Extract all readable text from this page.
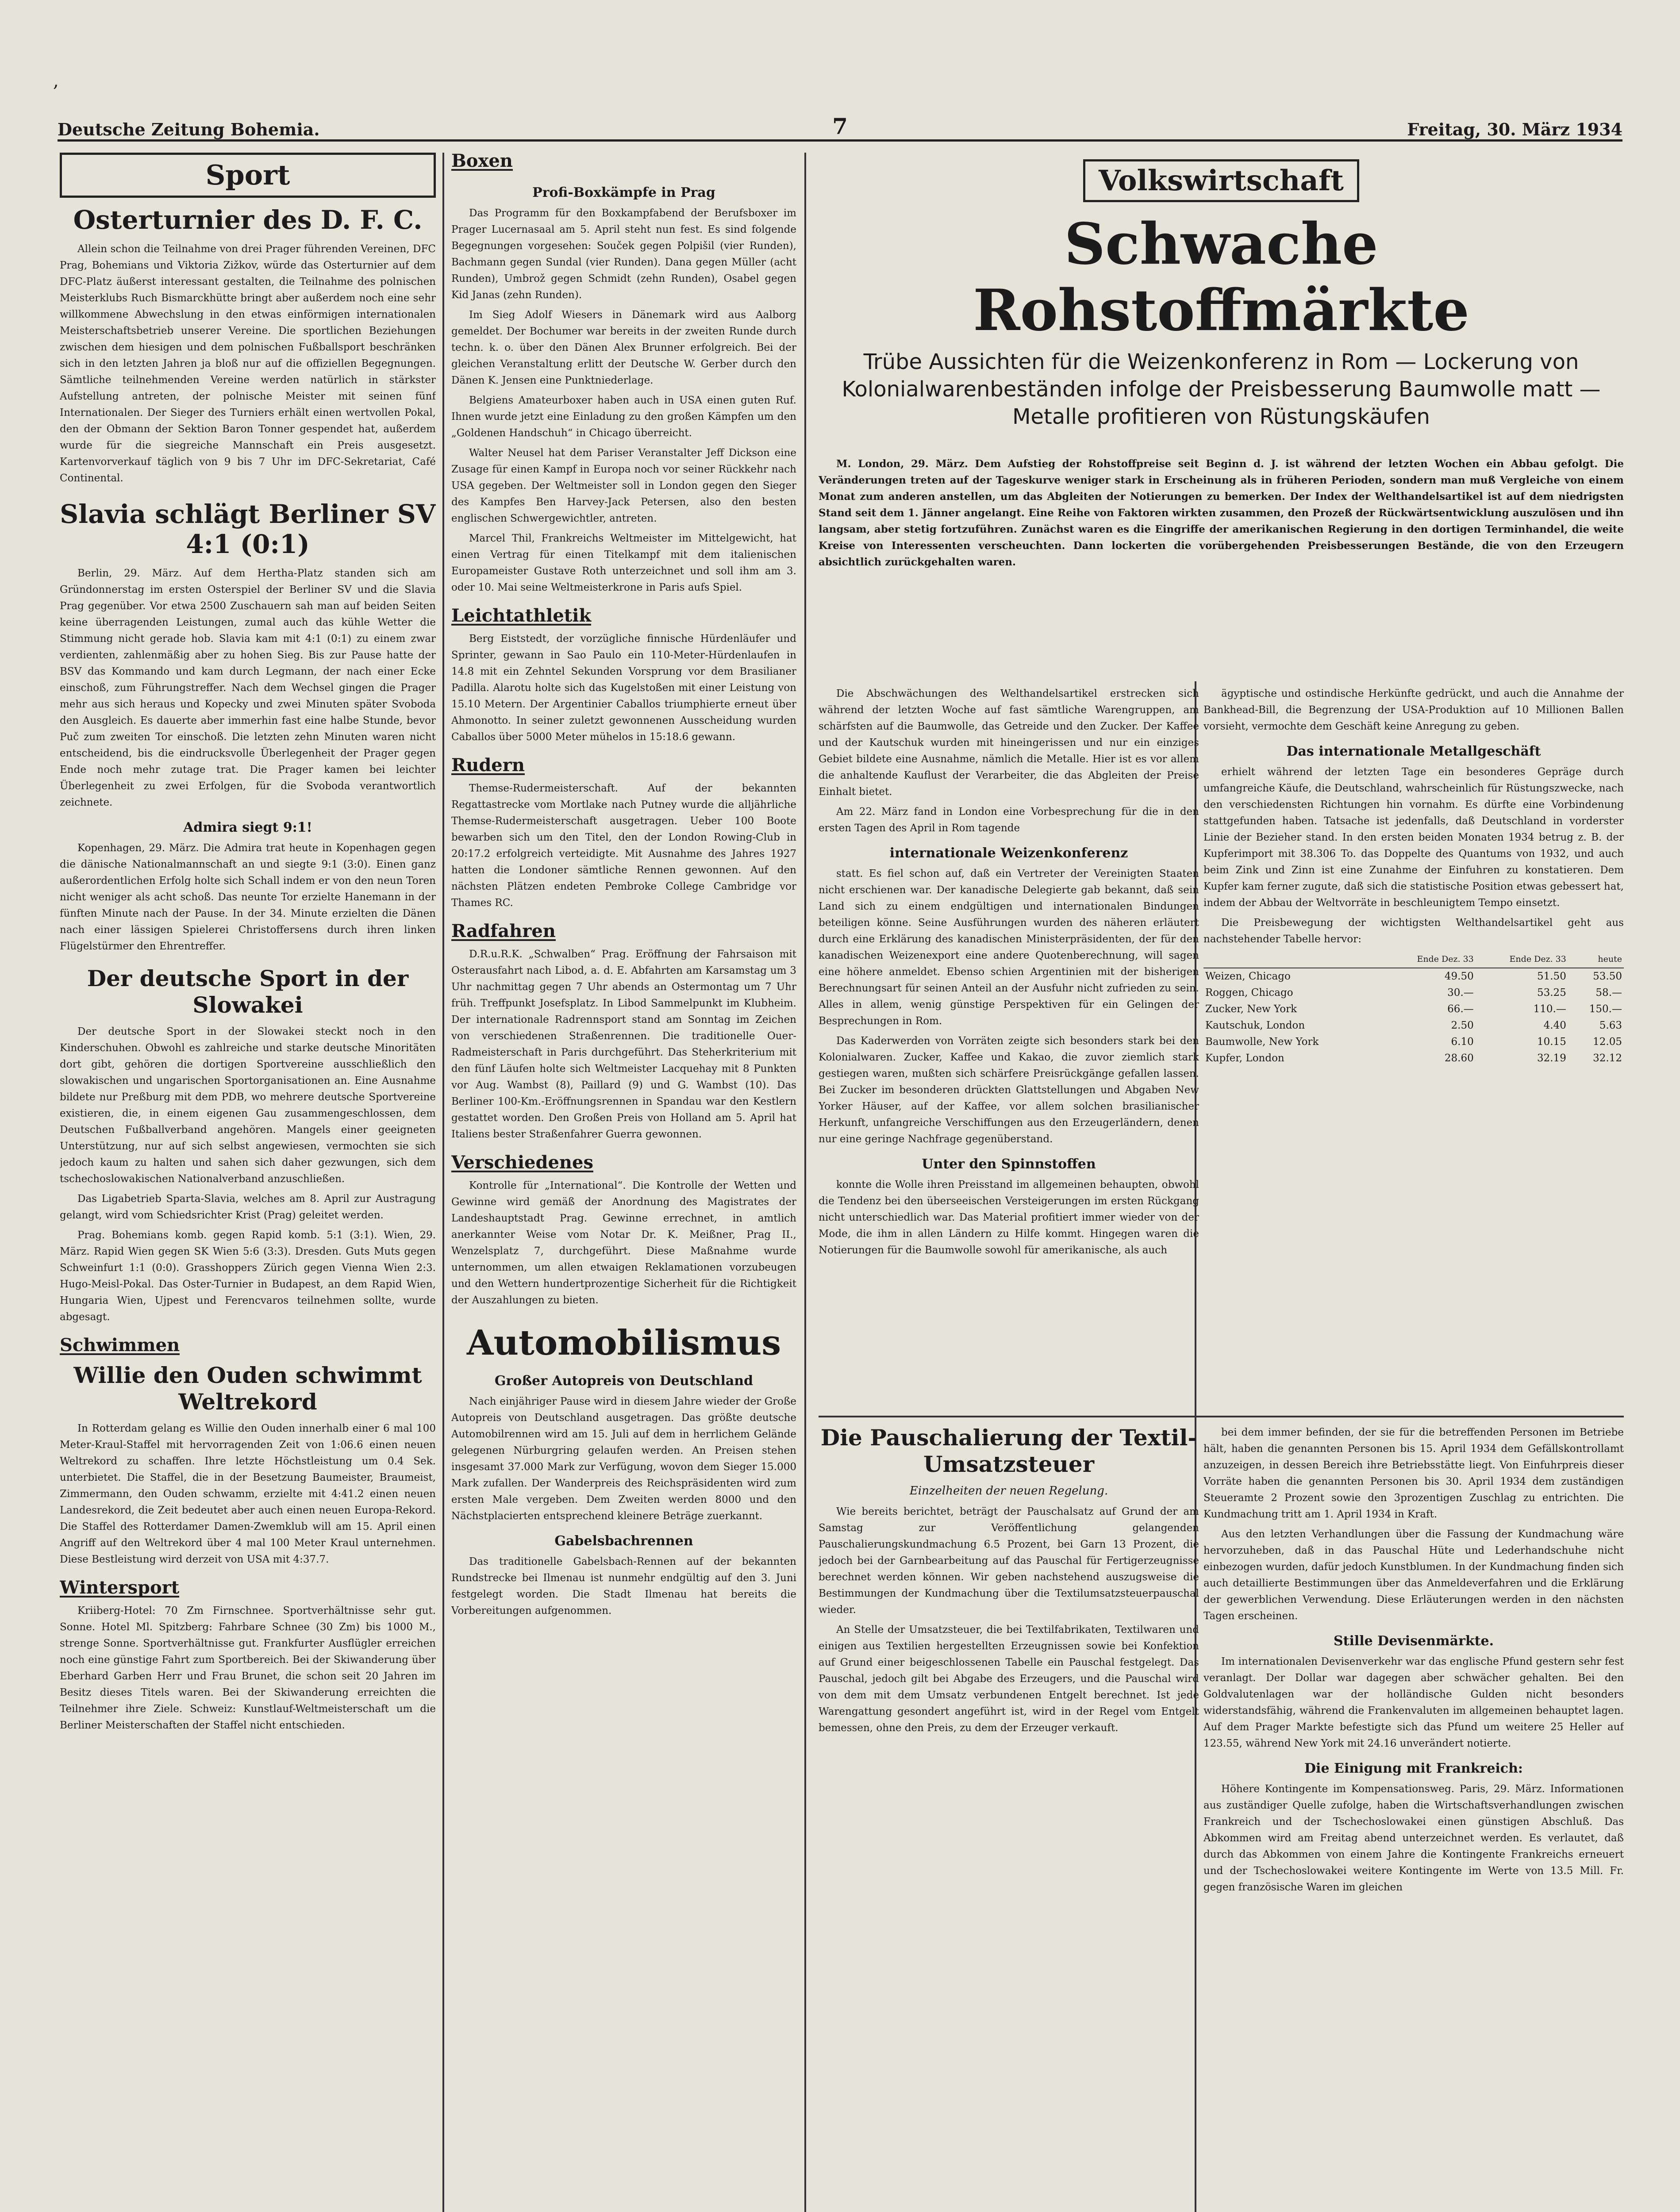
,
Deutsche Zeitung Bohemia.	7	Freitag, 30. März 1934
Sport
Osterturnier des D. F. C.

Allein schon die Teilnahme von drei Prager führenden Vereinen, DFC Prag, Bohemians und Viktoria Zižkov, würde das Osterturnier auf dem DFC-Platz äußerst interessant gestalten, die Teilnahme des polnischen Meisterklubs Ruch Bismarckhütte bringt aber außerdem noch eine sehr willkommene Abwechslung in den etwas einförmigen internationalen Meisterschaftsbetrieb unserer Vereine. Die sportlichen Beziehungen zwischen dem hiesigen und dem polnischen Fußballsport beschränken sich in den letzten Jahren ja bloß nur auf die offiziellen Begegnungen. Sämtliche teilnehmenden Vereine werden natürlich in stärkster Aufstellung antreten, der polnische Meister mit seinen fünf Internationalen. Der Sieger des Turniers erhält einen wertvollen Pokal, den der Obmann der Sektion Baron Tonner gespendet hat, außerdem wurde für die siegreiche Mannschaft ein Preis ausgesetzt. Kartenvorverkauf täglich von 9 bis 7 Uhr im DFC-Sekretariat, Café Continental.

Slavia schlägt Berliner SV 4:1 (0:1)

Berlin, 29. März. Auf dem Hertha-Platz standen sich am Gründonnerstag im ersten Osterspiel der Berliner SV und die Slavia Prag gegenüber. Vor etwa 2500 Zuschauern sah man auf beiden Seiten keine überragenden Leistungen, zumal auch das kühle Wetter die Stimmung nicht gerade hob. Slavia kam mit 4:1 (0:1) zu einem zwar verdienten, zahlenmäßig aber zu hohen Sieg. Bis zur Pause hatte der BSV das Kommando und kam durch Legmann, der nach einer Ecke einschoß, zum Führungstreffer. Nach dem Wechsel gingen die Prager mehr aus sich heraus und Kopecky und zwei Minuten später Svoboda den Ausgleich. Es dauerte aber immerhin fast eine halbe Stunde, bevor Puč zum zweiten Tor einschoß. Die letzten zehn Minuten waren nicht entscheidend, bis die eindrucksvolle Überlegenheit der Prager gegen Ende noch mehr zutage trat. Die Prager kamen bei leichter Überlegenheit zu zwei Erfolgen, für die Svoboda verantwortlich zeichnete.

Admira siegt 9:1!

Kopenhagen, 29. März. Die Admira trat heute in Kopenhagen gegen die dänische Nationalmannschaft an und siegte 9:1 (3:0). Einen ganz außerordentlichen Erfolg holte sich Schall indem er von den neun Toren nicht weniger als acht schoß. Das neunte Tor erzielte Hanemann in der fünften Minute nach der Pause. In der 34. Minute erzielten die Dänen nach einer lässigen Spielerei Christoffersens durch ihren linken Flügelstürmer den Ehrentreffer.

Der deutsche Sport in der Slowakei

Der deutsche Sport in der Slowakei steckt noch in den Kinderschuhen. Obwohl es zahlreiche und starke deutsche Minoritäten dort gibt, gehören die dortigen Sportvereine ausschließlich den slowakischen und ungarischen Sportorganisationen an. Eine Ausnahme bildete nur Preßburg mit dem PDB, wo mehrere deutsche Sportvereine existieren, die, in einem eigenen Gau zusammengeschlossen, dem Deutschen Fußballverband angehören. Mangels einer geeigneten Unterstützung, nur auf sich selbst angewiesen, vermochten sie sich jedoch kaum zu halten und sahen sich daher gezwungen, sich dem tschechoslowakischen Nationalverband anzuschließen.

Das Ligabetrieb Sparta-Slavia, welches am 8. April zur Austragung gelangt, wird vom Schiedsrichter Krist (Prag) geleitet werden.

Prag. Bohemians komb. gegen Rapid komb. 5:1 (3:1). Wien, 29. März. Rapid Wien gegen SK Wien 5:6 (3:3). Dresden. Guts Muts gegen Schweinfurt 1:1 (0:0). Grasshoppers Zürich gegen Vienna Wien 2:3. Hugo-Meisl-Pokal. Das Oster-Turnier in Budapest, an dem Rapid Wien, Hungaria Wien, Ujpest und Ferencvaros teilnehmen sollte, wurde abgesagt.

Schwimmen
Willie den Ouden schwimmt Weltrekord

In Rotterdam gelang es Willie den Ouden innerhalb einer 6 mal 100 Meter-Kraul-Staffel mit hervorragenden Zeit von 1:06.6 einen neuen Weltrekord zu schaffen. Ihre letzte Höchstleistung um 0.4 Sek. unterbietet. Die Staffel, die in der Besetzung Baumeister, Braumeist, Zimmermann, den Ouden schwamm, erzielte mit 4:41.2 einen neuen Landesrekord, die Zeit bedeutet aber auch einen neuen Europa-Rekord. Die Staffel des Rotterdamer Damen-Zwemklub will am 15. April einen Angriff auf den Weltrekord über 4 mal 100 Meter Kraul unternehmen. Diese Bestleistung wird derzeit von USA mit 4:37.7.

Wintersport

Kriiberg-Hotel: 70 Zm Firnschnee. Sportverhältnisse sehr gut. Sonne. Hotel Ml. Spitzberg: Fahrbare Schnee (30 Zm) bis 1000 M., strenge Sonne. Sportverhältnisse gut. Frankfurter Ausflügler erreichen noch eine günstige Fahrt zum Sportbereich. Bei der Skiwanderung über Eberhard Garben Herr und Frau Brunet, die schon seit 20 Jahren im Besitz dieses Titels waren. Bei der Skiwanderung erreichten die Teilnehmer ihre Ziele. Schweiz: Kunstlauf-Weltmeisterschaft um die Berliner Meisterschaften der Staffel nicht entschieden.

Boxen
Profi-Boxkämpfe in Prag

Das Programm für den Boxkampfabend der Berufsboxer im Prager Lucernasaal am 5. April steht nun fest. Es sind folgende Begegnungen vorgesehen: Souček gegen Polpišil (vier Runden), Bachmann gegen Sundal (vier Runden). Dana gegen Müller (acht Runden), Umbrož gegen Schmidt (zehn Runden), Osabel gegen Kid Janas (zehn Runden).

Im Sieg Adolf Wiesers in Dänemark wird aus Aalborg gemeldet. Der Bochumer war bereits in der zweiten Runde durch techn. k. o. über den Dänen Alex Brunner erfolgreich. Bei der gleichen Veranstaltung erlitt der Deutsche W. Gerber durch den Dänen K. Jensen eine Punktniederlage.

Belgiens Amateurboxer haben auch in USA einen guten Ruf. Ihnen wurde jetzt eine Einladung zu den großen Kämpfen um den „Goldenen Handschuh“ in Chicago überreicht.

Walter Neusel hat dem Pariser Veranstalter Jeff Dickson eine Zusage für einen Kampf in Europa noch vor seiner Rückkehr nach USA gegeben. Der Weltmeister soll in London gegen den Sieger des Kampfes Ben Harvey-Jack Petersen, also den besten englischen Schwergewichtler, antreten.

Marcel Thil, Frankreichs Weltmeister im Mittelgewicht, hat einen Vertrag für einen Titelkampf mit dem italienischen Europameister Gustave Roth unterzeichnet und soll ihm am 3. oder 10. Mai seine Weltmeisterkrone in Paris aufs Spiel.

Leichtathletik

Berg Eiststedt, der vorzügliche finnische Hürdenläufer und Sprinter, gewann in Sao Paulo ein 110-Meter-Hürdenlaufen in 14.8 mit ein Zehntel Sekunden Vorsprung vor dem Brasilianer Padilla. Alarotu holte sich das Kugelstoßen mit einer Leistung von 15.10 Metern. Der Argentinier Caballos triumphierte erneut über Ahmonotto. In seiner zuletzt gewonnenen Ausscheidung wurden Caballos über 5000 Meter mühelos in 15:18.6 gewann.

Rudern

Themse-Rudermeisterschaft. Auf der bekannten Regattastrecke vom Mortlake nach Putney wurde die alljährliche Themse-Rudermeisterschaft ausgetragen. Ueber 100 Boote bewarben sich um den Titel, den der London Rowing-Club in 20:17.2 erfolgreich verteidigte. Mit Ausnahme des Jahres 1927 hatten die Londoner sämtliche Rennen gewonnen. Auf den nächsten Plätzen endeten Pembroke College Cambridge vor Thames RC.

Radfahren

D.R.u.R.K. „Schwalben“ Prag. Eröffnung der Fahrsaison mit Osterausfahrt nach Libod, a. d. E. Abfahrten am Karsamstag um 3 Uhr nachmittag gegen 7 Uhr abends an Ostermontag um 7 Uhr früh. Treffpunkt Josefsplatz. In Libod Sammelpunkt im Klubheim. Der internationale Radrennsport stand am Sonntag im Zeichen von verschiedenen Straßenrennen. Die traditionelle Ouer-Radmeisterschaft in Paris durchgeführt. Das Steherkriterium mit den fünf Läufen holte sich Weltmeister Lacquehay mit 8 Punkten vor Aug. Wambst (8), Paillard (9) und G. Wambst (10). Das Berliner 100-Km.-Eröffnungsrennen in Spandau war den Kestlern gestattet worden. Den Großen Preis von Holland am 5. April hat Italiens bester Straßenfahrer Guerra gewonnen.

Verschiedenes

Kontrolle für „International“. Die Kontrolle der Wetten und Gewinne wird gemäß der Anordnung des Magistrates der Landeshauptstadt Prag. Gewinne errechnet, in amtlich anerkannter Weise vom Notar Dr. K. Meißner, Prag II., Wenzelsplatz 7, durchgeführt. Diese Maßnahme wurde unternommen, um allen etwaigen Reklamationen vorzubeugen und den Wettern hundertprozentige Sicherheit für die Richtigkeit der Auszahlungen zu bieten.

Automobilismus
Großer Autopreis von Deutschland

Nach einjähriger Pause wird in diesem Jahre wieder der Große Autopreis von Deutschland ausgetragen. Das größte deutsche Automobilrennen wird am 15. Juli auf dem in herrlichem Gelände gelegenen Nürburgring gelaufen werden. An Preisen stehen insgesamt 37.000 Mark zur Verfügung, wovon dem Sieger 15.000 Mark zufallen. Der Wanderpreis des Reichspräsidenten wird zum ersten Male vergeben. Dem Zweiten werden 8000 und den Nächstplacierten entsprechend kleinere Beträge zuerkannt.

Gabelsbachrennen

Das traditionelle Gabelsbach-Rennen auf der bekannten Rundstrecke bei Ilmenau ist nunmehr endgültig auf den 3. Juni festgelegt worden. Die Stadt Ilmenau hat bereits die Vorbereitungen aufgenommen.

Volkswirtschaft
Schwache Rohstoffmärkte
Trübe Aussichten für die Weizenkonferenz in Rom — Lockerung von Kolonialwarenbeständen infolge der Preisbesserung Baumwolle matt — Metalle profitieren von Rüstungskäufen

M. London, 29. März. Dem Aufstieg der Rohstoffpreise seit Beginn d. J. ist während der letzten Wochen ein Abbau gefolgt. Die Veränderungen treten auf der Tageskurve weniger stark in Erscheinung als in früheren Perioden, sondern man muß Vergleiche von einem Monat zum anderen anstellen, um das Abgleiten der Notierungen zu bemerken. Der Index der Welthandelsartikel ist auf dem niedrigsten Stand seit dem 1. Jänner angelangt. Eine Reihe von Faktoren wirkten zusammen, den Prozeß der Rückwärtsentwicklung auszulösen und ihn langsam, aber stetig fortzuführen. Zunächst waren es die Eingriffe der amerikanischen Regierung in den dortigen Terminhandel, die weite Kreise von Interessenten verscheuchten. Dann lockerten die vorübergehenden Preisbesserungen Bestände, die von den Erzeugern absichtlich zurückgehalten waren.

Die Abschwächungen des Welthandelsartikel erstrecken sich während der letzten Woche auf fast sämtliche Warengruppen, am schärfsten auf die Baumwolle, das Getreide und den Zucker. Der Kaffee und der Kautschuk wurden mit hineingerissen und nur ein einziges Gebiet bildete eine Ausnahme, nämlich die Metalle. Hier ist es vor allem die anhaltende Kauflust der Verarbeiter, die das Abgleiten der Preise Einhalt bietet.

Am 22. März fand in London eine Vorbesprechung für die in den ersten Tagen des April in Rom tagende

internationale Weizenkonferenz

statt. Es fiel schon auf, daß ein Vertreter der Vereinigten Staaten nicht erschienen war. Der kanadische Delegierte gab bekannt, daß sein Land sich zu einem endgültigen und internationalen Bindungen beteiligen könne. Seine Ausführungen wurden des näheren erläutert durch eine Erklärung des kanadischen Ministerpräsidenten, der für den kanadischen Weizenexport eine andere Quotenberechnung, will sagen eine höhere anmeldet. Ebenso schien Argentinien mit der bisherigen Berechnungsart für seinen Anteil an der Ausfuhr nicht zufrieden zu sein. Alles in allem, wenig günstige Perspektiven für ein Gelingen der Besprechungen in Rom.

Das Kaderwerden von Vorräten zeigte sich besonders stark bei den Kolonialwaren. Zucker, Kaffee und Kakao, die zuvor ziemlich stark gestiegen waren, mußten sich schärfere Preisrückgänge gefallen lassen. Bei Zucker im besonderen drückten Glattstellungen und Abgaben New Yorker Häuser, auf der Kaffee, vor allem solchen brasilianischer Herkunft, unfangreiche Verschiffungen aus den Erzeugerländern, denen nur eine geringe Nachfrage gegenüberstand.

Unter den Spinnstoffen

konnte die Wolle ihren Preisstand im allgemeinen behaupten, obwohl die Tendenz bei den überseeischen Versteigerungen im ersten Rückgang nicht unterschiedlich war. Das Material profitiert immer wieder von der Mode, die ihm in allen Ländern zu Hilfe kommt. Hingegen waren die Notierungen für die Baumwolle sowohl für amerikanische, als auch

Die Pauschalierung der Textil-Umsatzsteuer
Einzelheiten der neuen Regelung.

Wie bereits berichtet, beträgt der Pauschalsatz auf Grund der am Samstag zur Veröffentlichung gelangenden Pauschalierungskundmachung 6.5 Prozent, bei Garn 13 Prozent, die jedoch bei der Garnbearbeitung auf das Pauschal für Fertigerzeugnisse berechnet werden können. Wir geben nachstehend auszugsweise die Bestimmungen der Kundmachung über die Textilumsatzsteuerpauschal wieder.

An Stelle der Umsatzsteuer, die bei Textilfabrikaten, Textilwaren und einigen aus Textilien hergestellten Erzeugnissen sowie bei Konfektion auf Grund einer beigeschlossenen Tabelle ein Pauschal festgelegt. Das Pauschal, jedoch gilt bei Abgabe des Erzeugers, und die Pauschal wird von dem mit dem Umsatz verbundenen Entgelt berechnet. Ist jede Warengattung gesondert angeführt ist, wird in der Regel vom Entgelt bemessen, ohne den Preis, zu dem der Erzeuger verkauft.

ägyptische und ostindische Herkünfte gedrückt, und auch die Annahme der Bankhead-Bill, die Begrenzung der USA-Produktion auf 10 Millionen Ballen vorsieht, vermochte dem Geschäft keine Anregung zu geben.

Das internationale Metallgeschäft

erhielt während der letzten Tage ein besonderes Gepräge durch umfangreiche Käufe, die Deutschland, wahrscheinlich für Rüstungszwecke, nach den verschiedensten Richtungen hin vornahm. Es dürfte eine Vorbindenung stattgefunden haben. Tatsache ist jedenfalls, daß Deutschland in vorderster Linie der Bezieher stand. In den ersten beiden Monaten 1934 betrug z. B. der Kupferimport mit 38.306 To. das Doppelte des Quantums von 1932, und auch beim Zink und Zinn ist eine Zunahme der Einfuhren zu konstatieren. Dem Kupfer kam ferner zugute, daß sich die statistische Position etwas gebessert hat, indem der Abbau der Weltvorräte in beschleunigtem Tempo einsetzt.

Die Preisbewegung der wichtigsten Welthandelsartikel geht aus nachstehender Tabelle hervor:

	Ende Dez. 33	Ende Dez. 33	heute
Weizen, Chicago	49.50	51.50	53.50
Roggen, Chicago	30.—	53.25	58.—
Zucker, New York	66.—	110.—	150.—
Kautschuk, London	2.50	4.40	5.63
Baumwolle, New York	6.10	10.15	12.05
Kupfer, London	28.60	32.19	32.12

bei dem immer befinden, der sie für die betreffenden Personen im Betriebe hält, haben die genannten Personen bis 15. April 1934 dem Gefällskontrollamt anzuzeigen, in dessen Bereich ihre Betriebsstätte liegt. Von Einfuhrpreis dieser Vorräte haben die genannten Personen bis 30. April 1934 dem zuständigen Steueramte 2 Prozent sowie den 3prozentigen Zuschlag zu entrichten. Die Kundmachung tritt am 1. April 1934 in Kraft.

Aus den letzten Verhandlungen über die Fassung der Kundmachung wäre hervorzuheben, daß in das Pauschal Hüte und Lederhandschuhe nicht einbezogen wurden, dafür jedoch Kunstblumen. In der Kundmachung finden sich auch detaillierte Bestimmungen über das Anmeldeverfahren und die Erklärung der gewerblichen Verwendung. Diese Erläuterungen werden in den nächsten Tagen erscheinen.

Stille Devisenmärkte.

Im internationalen Devisenverkehr war das englische Pfund gestern sehr fest veranlagt. Der Dollar war dagegen aber schwächer gehalten. Bei den Goldvalutenlagen war der holländische Gulden nicht besonders widerstandsfähig, während die Frankenvaluten im allgemeinen behauptet lagen. Auf dem Prager Markte befestigte sich das Pfund um weitere 25 Heller auf 123.55, während New York mit 24.16 unverändert notierte.

Die Einigung mit Frankreich:

Höhere Kontingente im Kompensationsweg. Paris, 29. März. Informationen aus zuständiger Quelle zufolge, haben die Wirtschaftsverhandlungen zwischen Frankreich und der Tschechoslowakei einen günstigen Abschluß. Das Abkommen wird am Freitag abend unterzeichnet werden. Es verlautet, daß durch das Abkommen von einem Jahre die Kontingente Frankreichs erneuert und der Tschechoslowakei weitere Kontingente im Werte von 13.5 Mill. Fr. gegen französische Waren im gleichen
